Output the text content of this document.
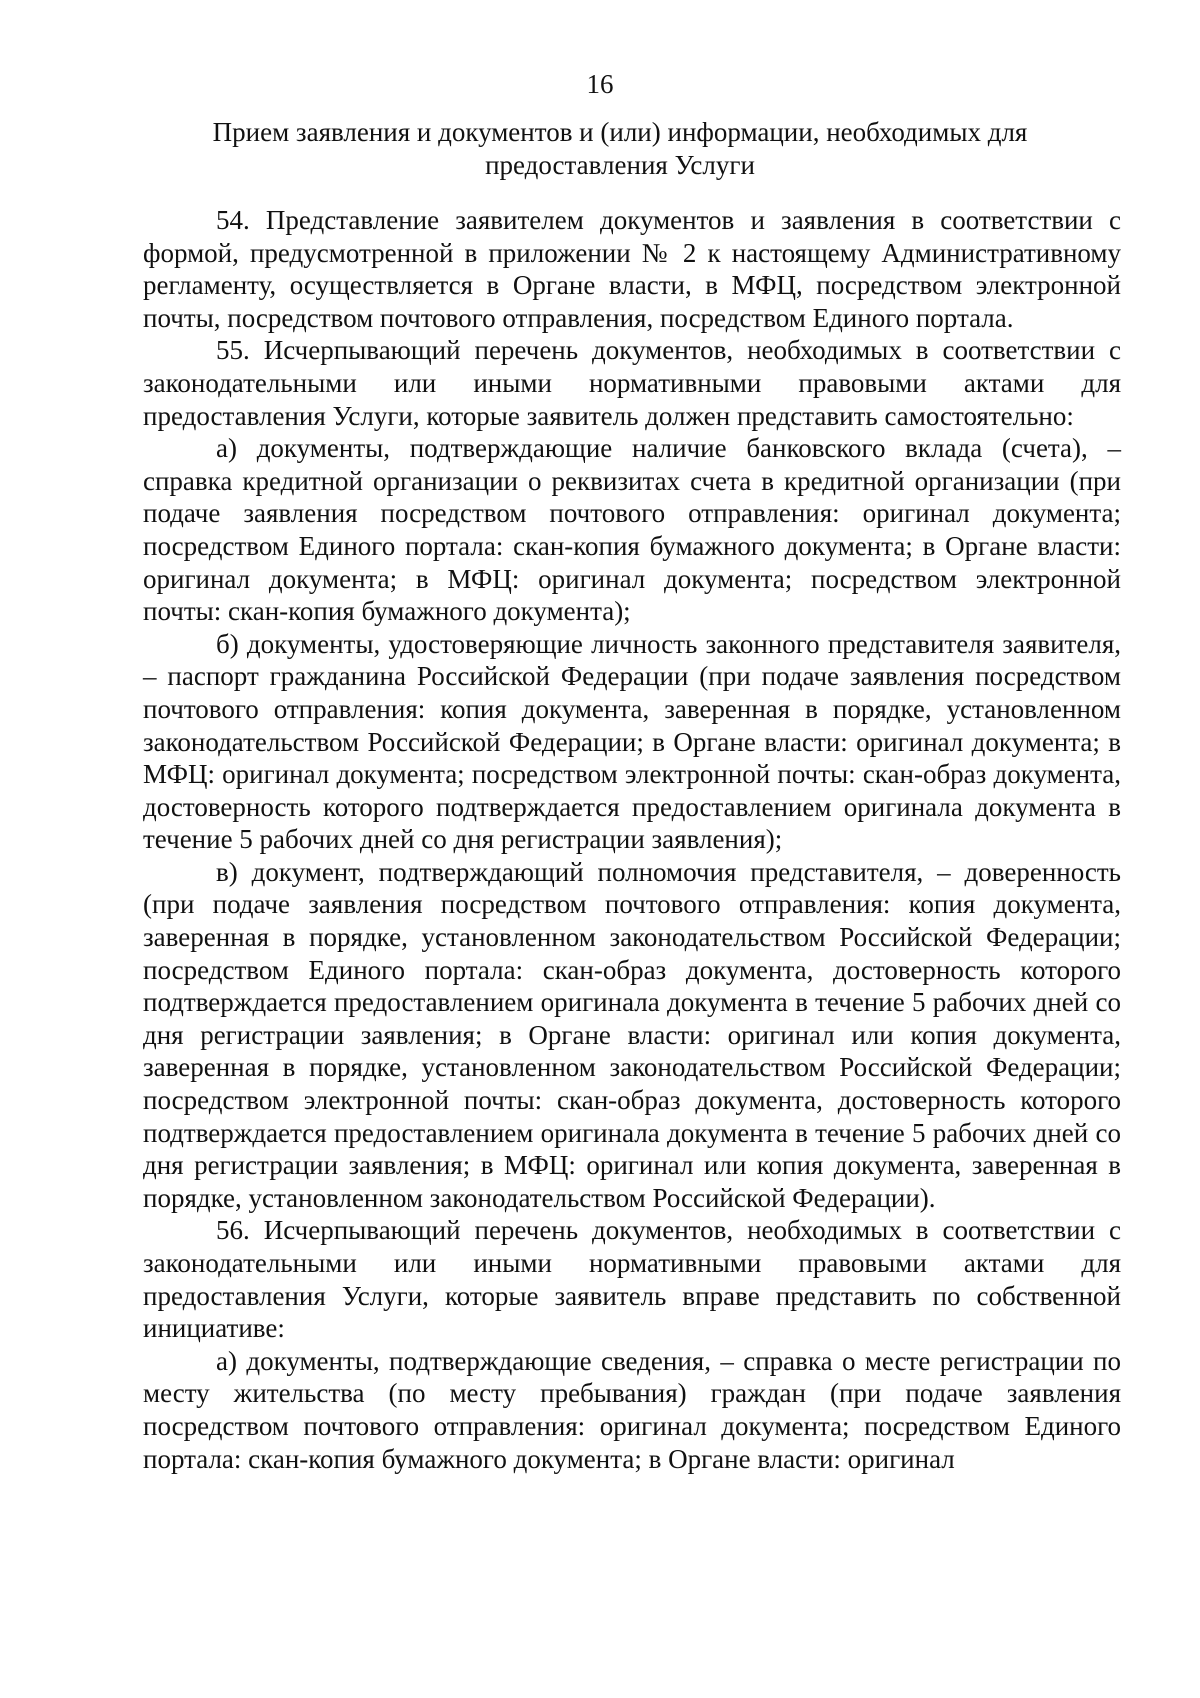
16
Прием заявления и документов и (или) информации, необходимых для
предоставления Услуги

54. Представление заявителем документов и заявления в соответствии с формой, предусмотренной в приложении № 2 к настоящему Административному регламенту, осуществляется в Органе власти, в МФЦ, посредством электронной почты, посредством почтового отправления, посредством Единого портала.

55. Исчерпывающий перечень документов, необходимых в соответствии с законодательными или иными нормативными правовыми актами для предоставления Услуги, которые заявитель должен представить самостоятельно:

а) документы, подтверждающие наличие банковского вклада (счета), – справка кредитной организации о реквизитах счета в кредитной организации (при подаче заявления посредством почтового отправления: оригинал документа; посредством Единого портала: скан-копия бумажного документа; в Органе власти: оригинал документа; в МФЦ: оригинал документа; посредством электронной почты: скан-копия бумажного документа);

б) документы, удостоверяющие личность законного представителя заявителя, – паспорт гражданина Российской Федерации (при подаче заявления посредством почтового отправления: копия документа, заверенная в порядке, установленном законодательством Российской Федерации; в Органе власти: оригинал документа; в МФЦ: оригинал документа; посредством электронной почты: скан-образ документа, достоверность которого подтверждается предоставлением оригинала документа в течение 5 рабочих дней со дня регистрации заявления);

в) документ, подтверждающий полномочия представителя, – доверенность (при подаче заявления посредством почтового отправления: копия документа, заверенная в порядке, установленном законодательством Российской Федерации; посредством Единого портала: скан-образ документа, достоверность которого подтверждается предоставлением оригинала документа в течение 5 рабочих дней со дня регистрации заявления; в Органе власти: оригинал или копия документа, заверенная в порядке, установленном законодательством Российской Федерации; посредством электронной почты: скан-образ документа, достоверность которого подтверждается предоставлением оригинала документа в течение 5 рабочих дней со дня регистрации заявления; в МФЦ: оригинал или копия документа, заверенная в порядке, установленном законодательством Российской Федерации).

56. Исчерпывающий перечень документов, необходимых в соответствии с законодательными или иными нормативными правовыми актами для предоставления Услуги, которые заявитель вправе представить по собственной инициативе:

а) документы, подтверждающие сведения, – справка о месте регистрации по месту жительства (по месту пребывания) граждан (при подаче заявления посредством почтового отправления: оригинал документа; посредством Единого портала: скан-копия бумажного документа; в Органе власти: оригинал
